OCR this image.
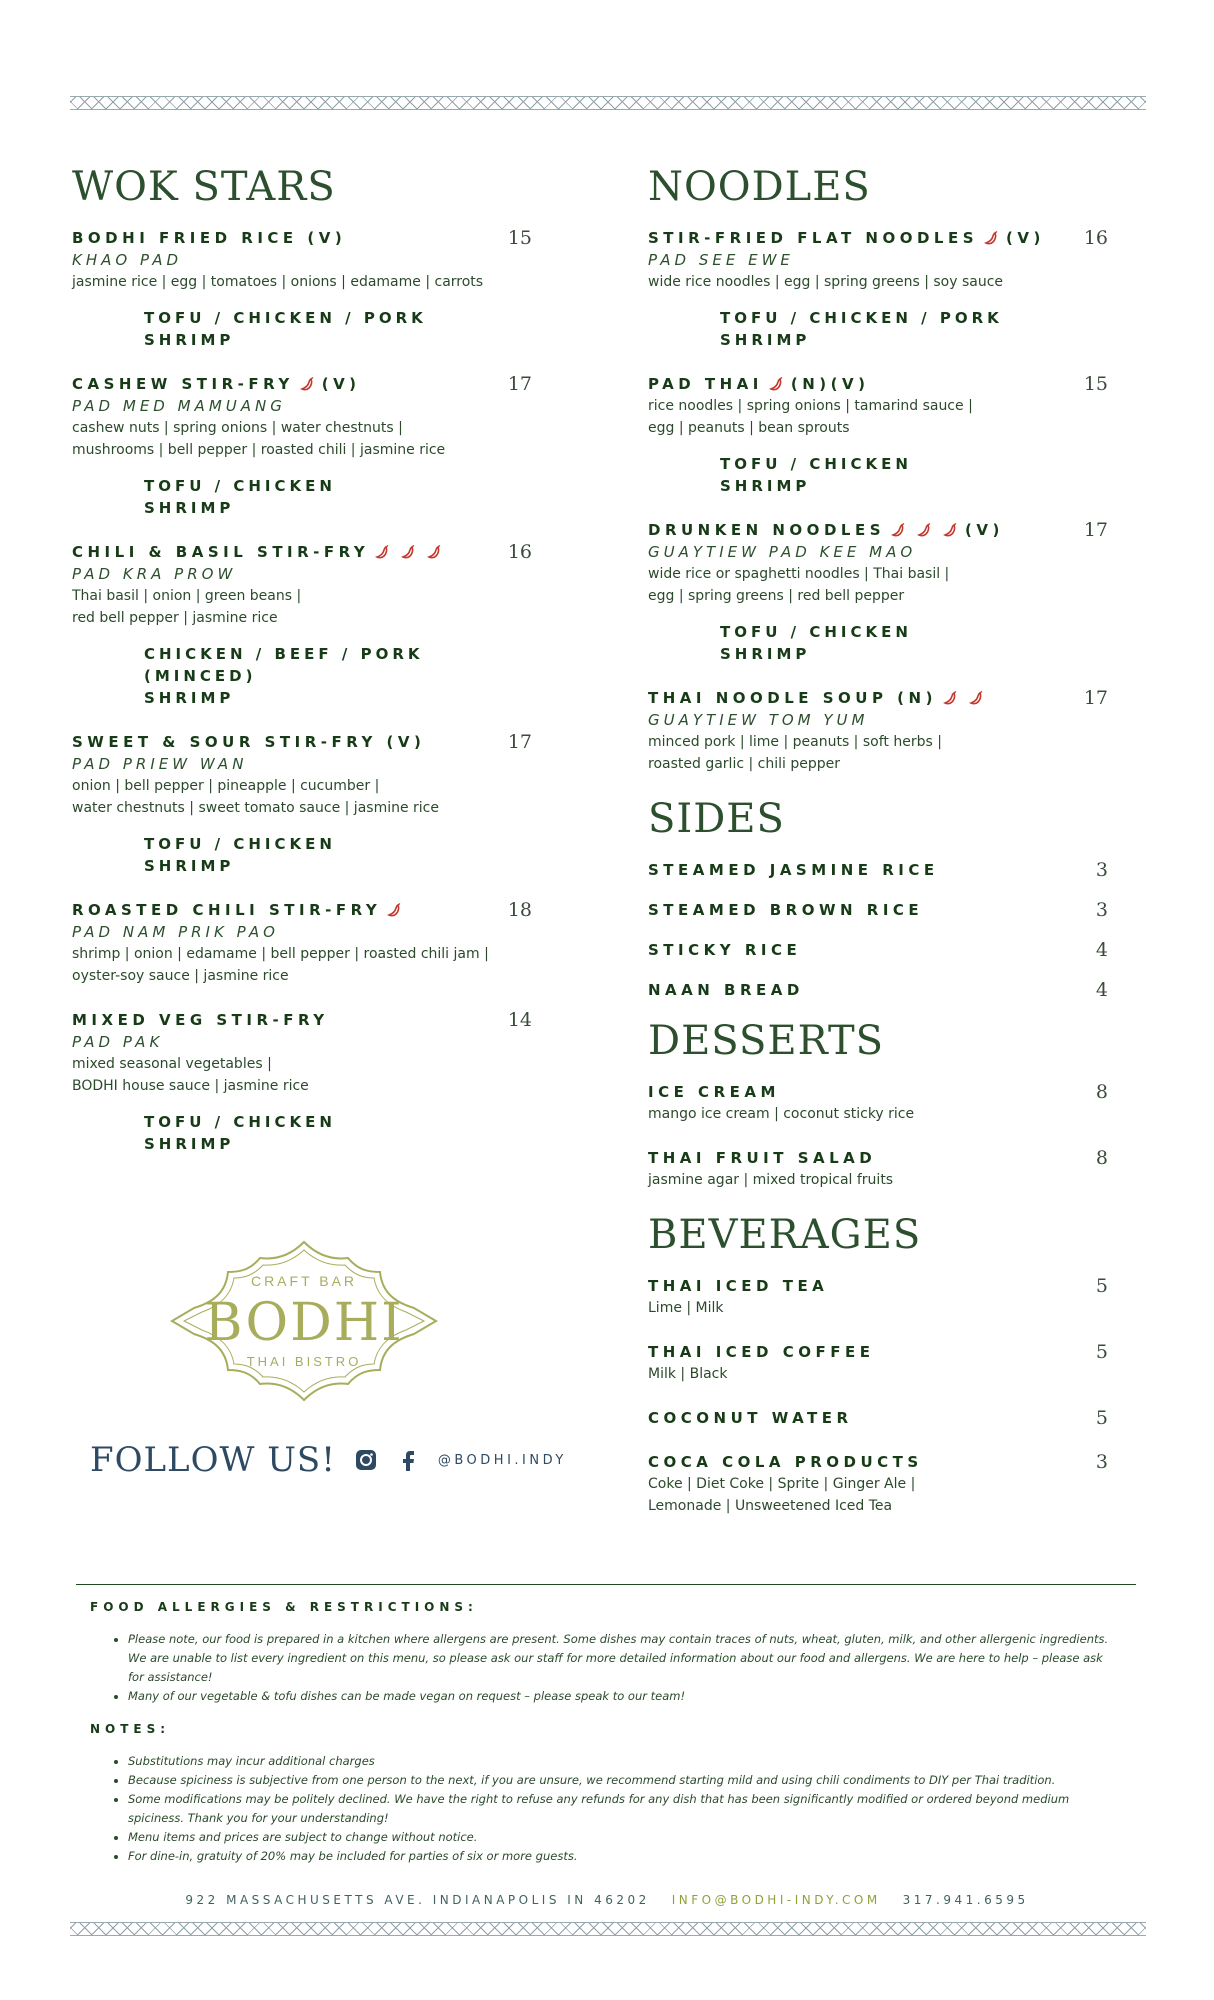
WOK STARS
BODHI FRIED RICE (V)	15
KHAO PAD
jasmine rice | egg | tomatoes | onions | edamame | carrots
TOFU / CHICKEN / PORK
SHRIMP
CASHEW STIR-FRY (V)	17
PAD MED MAMUANG
cashew nuts | spring onions | water chestnuts |
mushrooms | bell pepper | roasted chili | jasmine rice
TOFU / CHICKEN
SHRIMP
CHILI & BASIL STIR-FRY	16
PAD KRA PROW
Thai basil | onion | green beans |
red bell pepper | jasmine rice
CHICKEN / BEEF / PORK (MINCED)
SHRIMP
SWEET & SOUR STIR-FRY (V)	17
PAD PRIEW WAN
onion | bell pepper | pineapple | cucumber |
water chestnuts | sweet tomato sauce | jasmine rice
TOFU / CHICKEN
SHRIMP
ROASTED CHILI STIR-FRY	18
PAD NAM PRIK PAO
shrimp | onion | edamame | bell pepper | roasted chili jam |
oyster-soy sauce | jasmine rice
MIXED VEG STIR-FRY	14
PAD PAK
mixed seasonal vegetables |
BODHI house sauce | jasmine rice
TOFU / CHICKEN
SHRIMP
NOODLES
STIR-FRIED FLAT NOODLES (V) 16
PAD SEE EWE
wide rice noodles | egg | spring greens | soy sauce
TOFU / CHICKEN / PORK
SHRIMP
PAD THAI (N)(V)	15
rice noodles | spring onions | tamarind sauce |
egg | peanuts | bean sprouts
TOFU / CHICKEN
SHRIMP
DRUNKEN NOODLES	(V)	17
GUAYTIEW PAD KEE MAO
wide rice or spaghetti noodles | Thai basil |
egg | spring greens | red bell pepper
TOFU / CHICKEN
SHRIMP
THAI NOODLE SOUP (N)	17
GUAYTIEW TOM YUM
minced pork | lime | peanuts | soft herbs |
roasted garlic | chili pepper
SIDES
STEAMED JASMINE RICE	3
STEAMED BROWN RICE	3
STICKY RICE	4
NAAN BREAD	4
DESSERTS
ICE CREAM	8
mango ice cream | coconut sticky rice
THAI FRUIT SALAD	8
jasmine agar | mixed tropical fruits
BEVERAGES
THAI ICED TEA	5
Lime | Milk
THAI ICED COFFEE	5
Milk | Black
COCONUT WATER	5
COCA COLA PRODUCTS	3
Coke | Diet Coke | Sprite | Ginger Ale |
Lemonade | Unsweetened Iced Tea
CRAFT BAR
BODHI
THAI BISTRO
FOLLOW US!	@BODHI.INDY
FOOD ALLERGIES & RESTRICTIONS:
• Please note, our food is prepared in a kitchen where allergens are present. Some dishes may contain traces of nuts, wheat, gluten, milk, and other allergenic ingredients. We are unable to list every ingredient on this menu, so please ask our staff for more detailed information about our food and allergens. We are here to help – please ask for assistance!
• Many of our vegetable & tofu dishes can be made vegan on request – please speak to our team!
NOTES:
• Substitutions may incur additional charges
• Because spiciness is subjective from one person to the next, if you are unsure, we recommend starting mild and using chili condiments to DIY per Thai tradition.
• Some modifications may be politely declined. We have the right to refuse any refunds for any dish that has been significantly modified or ordered beyond medium spiciness. Thank you for your understanding!
• Menu items and prices are subject to change without notice.
• For dine-in, gratuity of 20% may be included for parties of six or more guests.
922 MASSACHUSETTS AVE. INDIANAPOLIS IN 46202 INFO@BODHI-INDY.COM 317.941.6595
